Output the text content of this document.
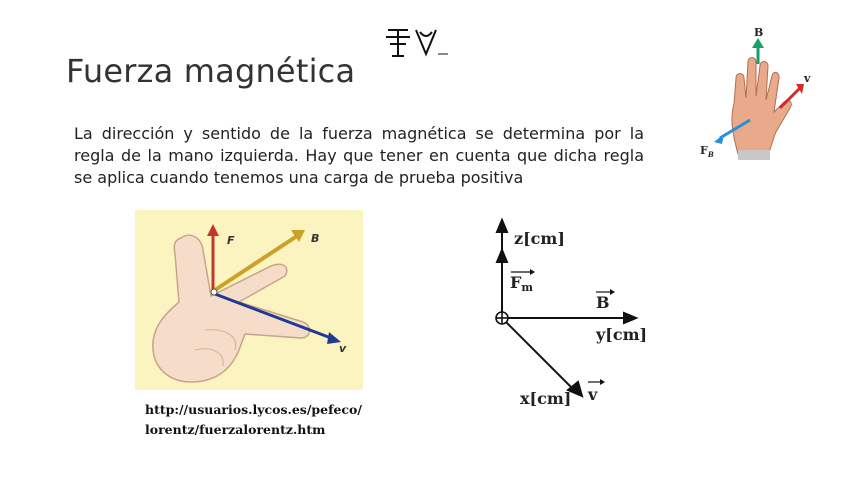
Fuerza magnética
La dirección y sentido de la fuerza magnética se determina por la regla de la mano izquierda. Hay que tener en cuenta que dicha regla se aplica cuando tenemos una carga de prueba positiva
B
v
$F_B$
F	B
v
http://usuarios.lycos.es/pefeco/
lorentz/fuerzalorentz.htm
z[cm]
Fm
y[cm]
B
x[cm] v
